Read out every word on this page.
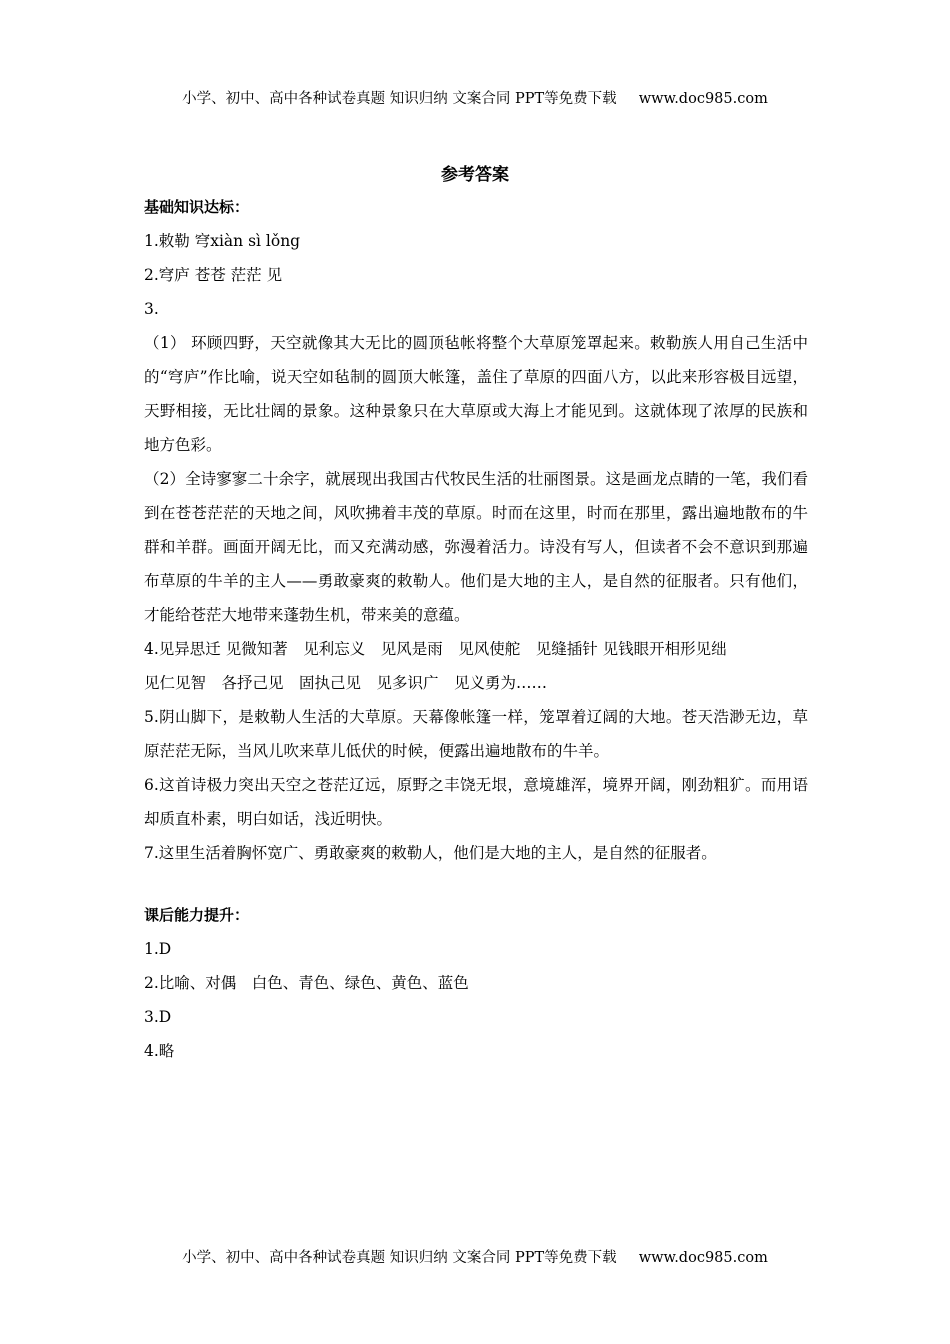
小学、初中、高中各种试卷真题 知识归纳 文案合同 PPT等免费下载 www.doc985.com
参考答案
基础知识达标：
1.敕勒 穹xiàn sì lǒng
2.穹庐 苍苍 茫茫 见
3.

（1） 环顾四野，天空就像其大无比的圆顶毡帐将整个大草原笼罩起来。敕勒族人用自己生活中的“穹庐”作比喻，说天空如毡制的圆顶大帐篷，盖住了草原的四面八方，以此来形容极目远望，天野相接，无比壮阔的景象。这种景象只在大草原或大海上才能见到。这就体现了浓厚的民族和地方色彩。

（2）全诗寥寥二十余字，就展现出我国古代牧民生活的壮丽图景。这是画龙点睛的一笔，我们看到在苍苍茫茫的天地之间，风吹拂着丰茂的草原。时而在这里，时而在那里，露出遍地散布的牛群和羊群。画面开阔无比，而又充满动感，弥漫着活力。诗没有写人，但读者不会不意识到那遍布草原的牛羊的主人——勇敢豪爽的敕勒人。他们是大地的主人，是自然的征服者。只有他们，才能给苍茫大地带来蓬勃生机，带来美的意蕴。

4.见异思迁 见微知著　见利忘义　见风是雨　见风使舵　见缝插针 见钱眼开相形见绌
见仁见智　各抒己见　固执己见　见多识广　见义勇为……

5.阴山脚下，是敕勒人生活的大草原。天幕像帐篷一样，笼罩着辽阔的大地。苍天浩渺无边，草原茫茫无际，当风儿吹来草儿低伏的时候，便露出遍地散布的牛羊。

6.这首诗极力突出天空之苍茫辽远，原野之丰饶无垠，意境雄浑，境界开阔，刚劲粗犷。而用语却质直朴素，明白如话，浅近明快。

7.这里生活着胸怀宽广、勇敢豪爽的敕勒人，他们是大地的主人，是自然的征服者。
课后能力提升：
1.D
2.比喻、对偶　白色、青色、绿色、黄色、蓝色
3.D
4.略
小学、初中、高中各种试卷真题 知识归纳 文案合同 PPT等免费下载 www.doc985.com
